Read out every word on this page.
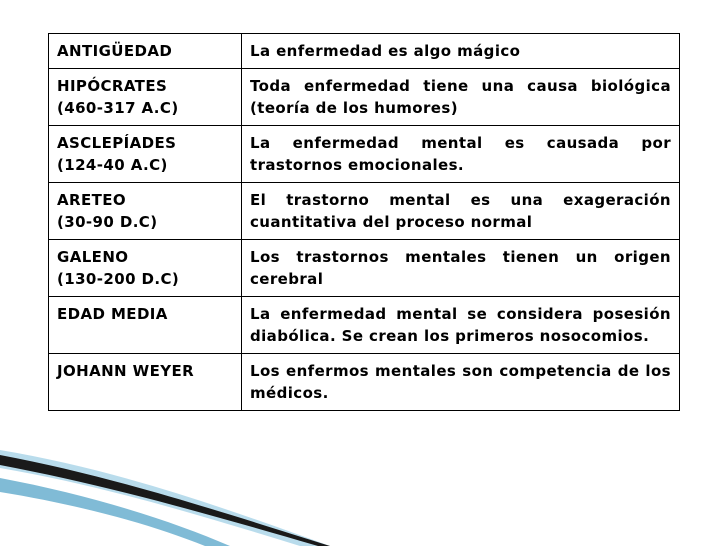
ANTIGÜEDAD	La enfermedad es algo mágico

HIPÓCRATES
(460-317 A.C)	Toda enfermedad tiene una causa biológica (teoría de los humores)

ASCLEPÍADES
(124-40 A.C)	La enfermedad mental es causada por trastornos emocionales.

ARETEO
(30-90 D.C)	El trastorno mental es una exageración cuantitativa del proceso normal

GALENO
(130-200 D.C)	Los trastornos mentales tienen un origen cerebral

EDAD MEDIA	La enfermedad mental se considera posesión diabólica. Se crean los primeros nosocomios.

JOHANN WEYER	Los enfermos mentales son competencia de los médicos.
